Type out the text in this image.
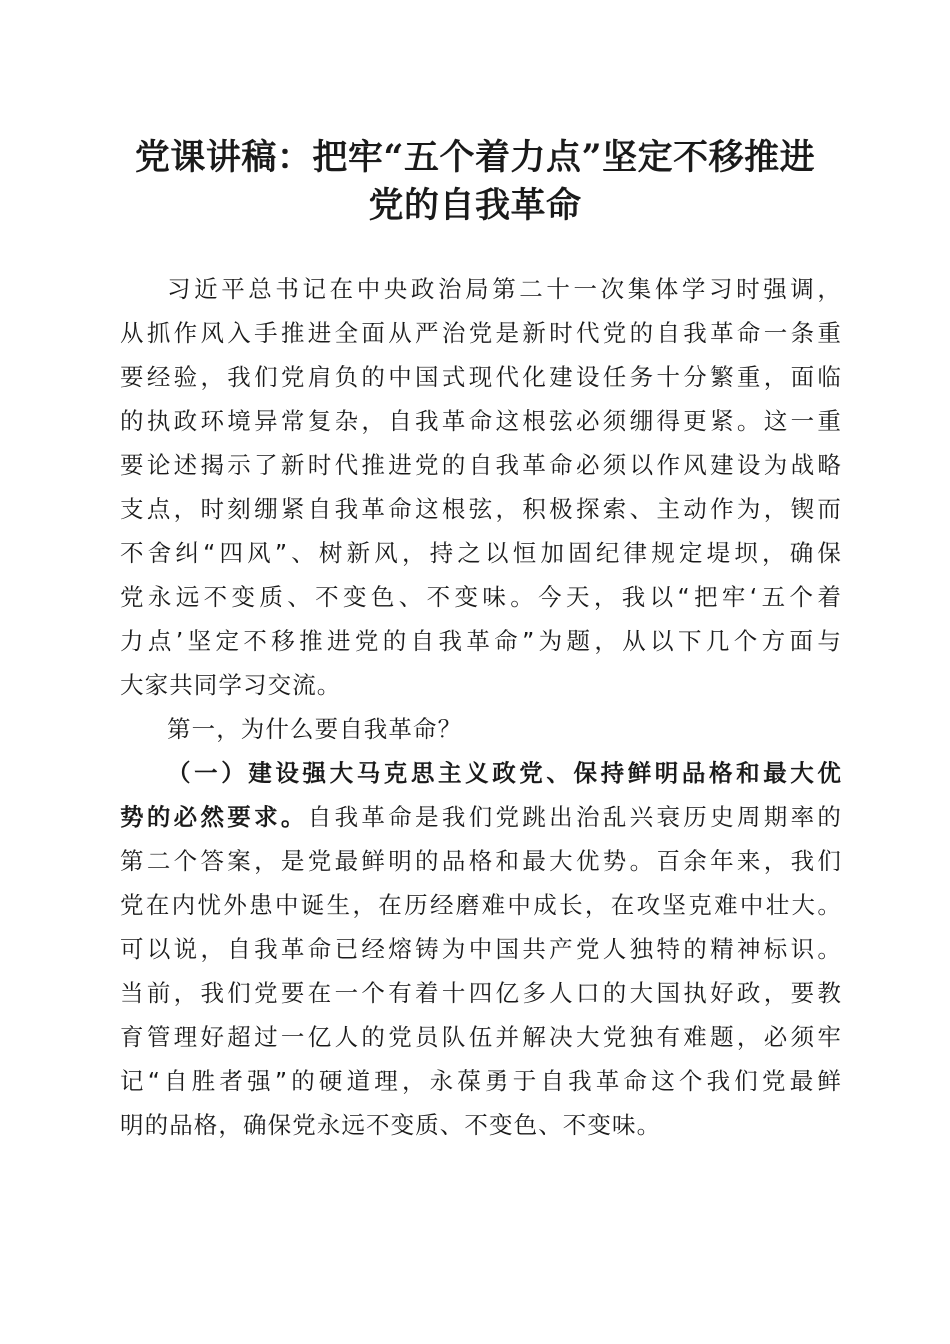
党课讲稿：把牢“五个着力点”坚定不移推进
党的自我革命
习近平总书记在中央政治局第二十一次集体学习时强调，
从抓作风入手推进全面从严治党是新时代党的自我革命一条重
要经验，我们党肩负的中国式现代化建设任务十分繁重，面临
的执政环境异常复杂，自我革命这根弦必须绷得更紧。这一重
要论述揭示了新时代推进党的自我革命必须以作风建设为战略
支点，时刻绷紧自我革命这根弦，积极探索、主动作为，锲而
不舍纠“四风”、树新风，持之以恒加固纪律规定堤坝，确保
党永远不变质、不变色、不变味。今天，我以“把牢‘五个着
力点’坚定不移推进党的自我革命”为题，从以下几个方面与
大家共同学习交流。
第一，为什么要自我革命？
（一）建设强大马克思主义政党、保持鲜明品格和最大优
势的必然要求。自我革命是我们党跳出治乱兴衰历史周期率的
第二个答案，是党最鲜明的品格和最大优势。百余年来，我们
党在内忧外患中诞生，在历经磨难中成长，在攻坚克难中壮大。
可以说，自我革命已经熔铸为中国共产党人独特的精神标识。
当前，我们党要在一个有着十四亿多人口的大国执好政，要教
育管理好超过一亿人的党员队伍并解决大党独有难题，必须牢
记“自胜者强”的硬道理，永葆勇于自我革命这个我们党最鲜
明的品格，确保党永远不变质、不变色、不变味。
